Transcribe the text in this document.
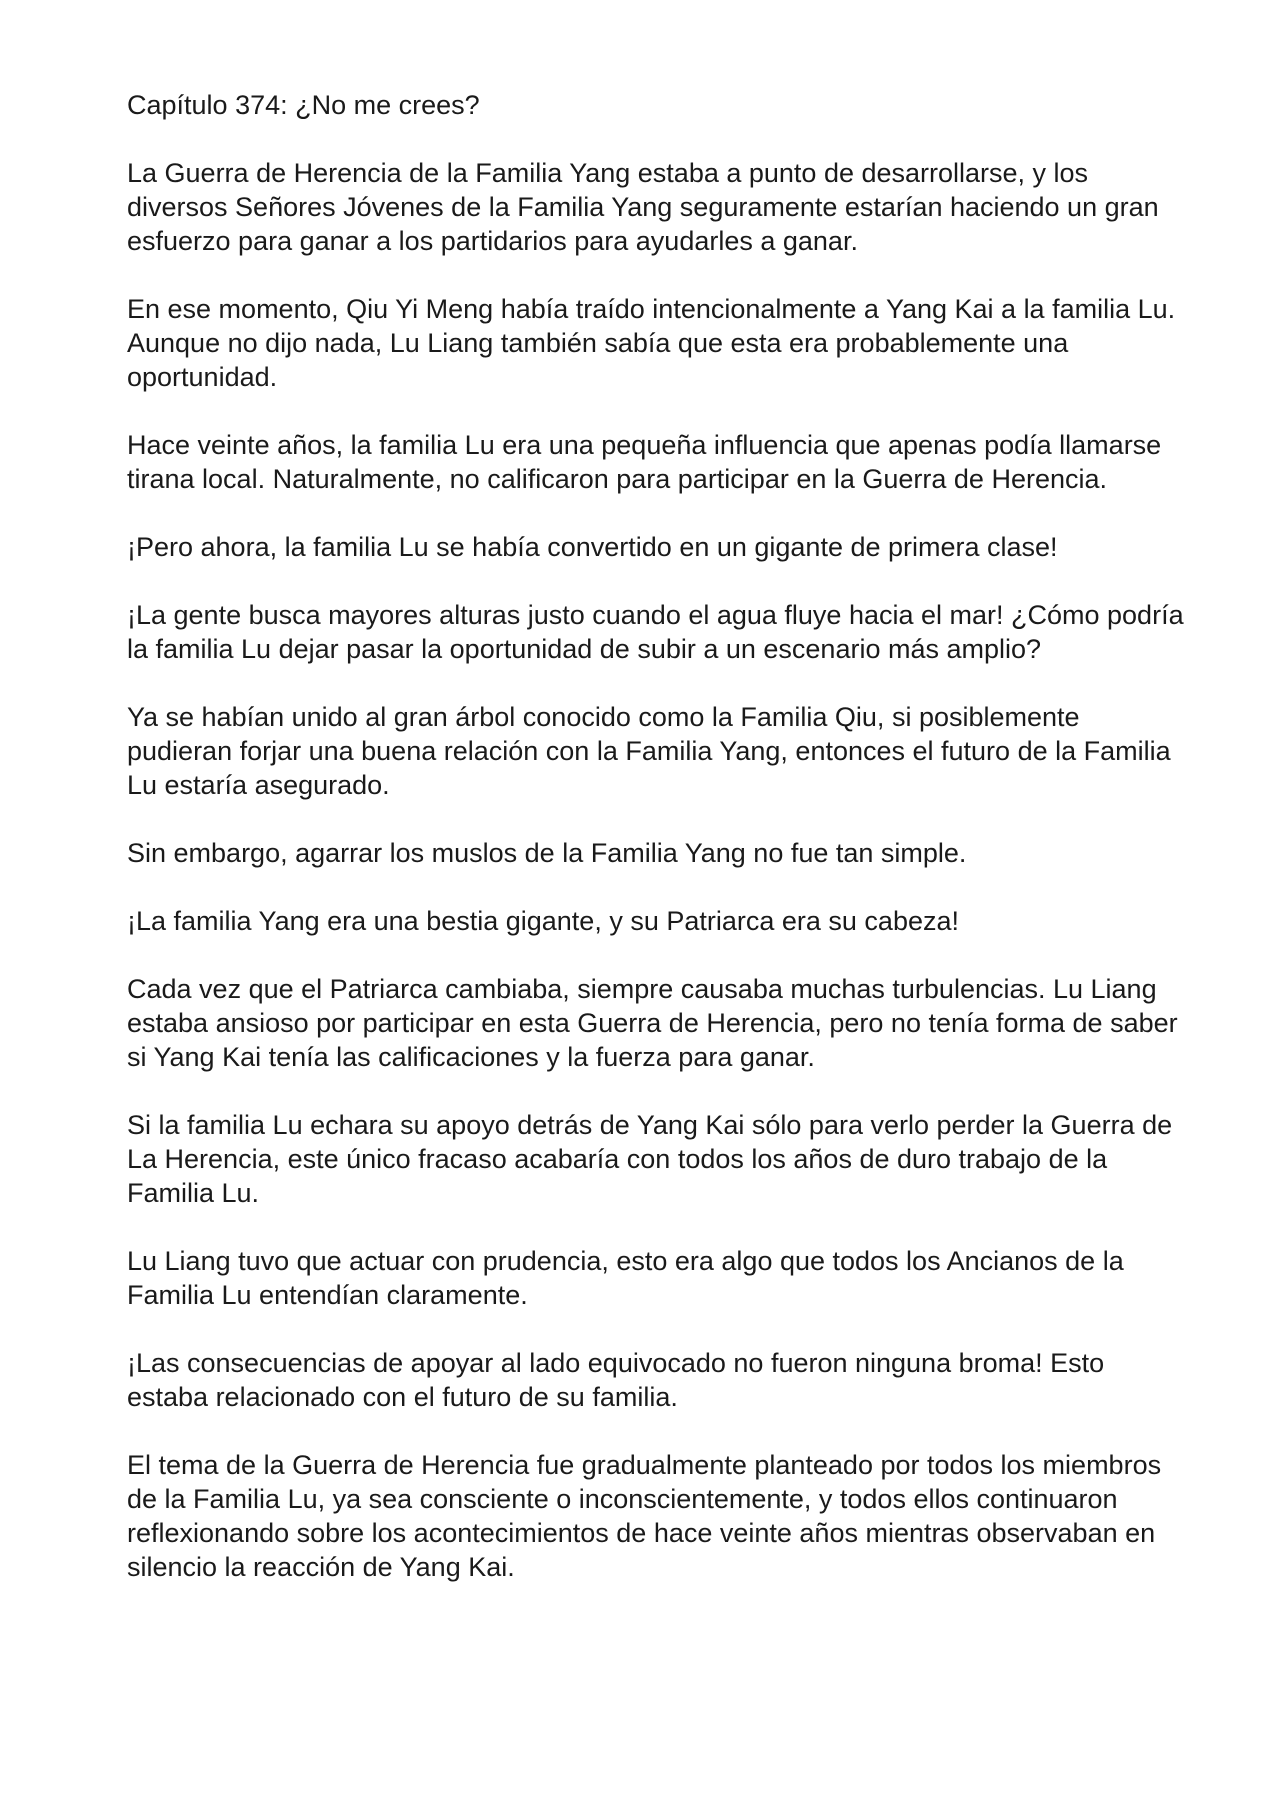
Capítulo 374: ¿No me crees?

La Guerra de Herencia de la Familia Yang estaba a punto de desarrollarse, y los diversos Señores Jóvenes de la Familia Yang seguramente estarían haciendo un gran esfuerzo para ganar a los partidarios para ayudarles a ganar.

En ese momento, Qiu Yi Meng había traído intencionalmente a Yang Kai a la familia Lu. Aunque no dijo nada, Lu Liang también sabía que esta era probablemente una oportunidad.

Hace veinte años, la familia Lu era una pequeña influencia que apenas podía llamarse tirana local. Naturalmente, no calificaron para participar en la Guerra de Herencia.

¡Pero ahora, la familia Lu se había convertido en un gigante de primera clase!

¡La gente busca mayores alturas justo cuando el agua fluye hacia el mar! ¿Cómo podría la familia Lu dejar pasar la oportunidad de subir a un escenario más amplio?

Ya se habían unido al gran árbol conocido como la Familia Qiu, si posiblemente pudieran forjar una buena relación con la Familia Yang, entonces el futuro de la Familia Lu estaría asegurado.

Sin embargo, agarrar los muslos de la Familia Yang no fue tan simple.

¡La familia Yang era una bestia gigante, y su Patriarca era su cabeza!

Cada vez que el Patriarca cambiaba, siempre causaba muchas turbulencias. Lu Liang estaba ansioso por participar en esta Guerra de Herencia, pero no tenía forma de saber si Yang Kai tenía las calificaciones y la fuerza para ganar.

Si la familia Lu echara su apoyo detrás de Yang Kai sólo para verlo perder la Guerra de La Herencia, este único fracaso acabaría con todos los años de duro trabajo de la Familia Lu.

Lu Liang tuvo que actuar con prudencia, esto era algo que todos los Ancianos de la Familia Lu entendían claramente.

¡Las consecuencias de apoyar al lado equivocado no fueron ninguna broma! Esto estaba relacionado con el futuro de su familia.

El tema de la Guerra de Herencia fue gradualmente planteado por todos los miembros de la Familia Lu, ya sea consciente o inconscientemente, y todos ellos continuaron reflexionando sobre los acontecimientos de hace veinte años mientras observaban en silencio la reacción de Yang Kai.
